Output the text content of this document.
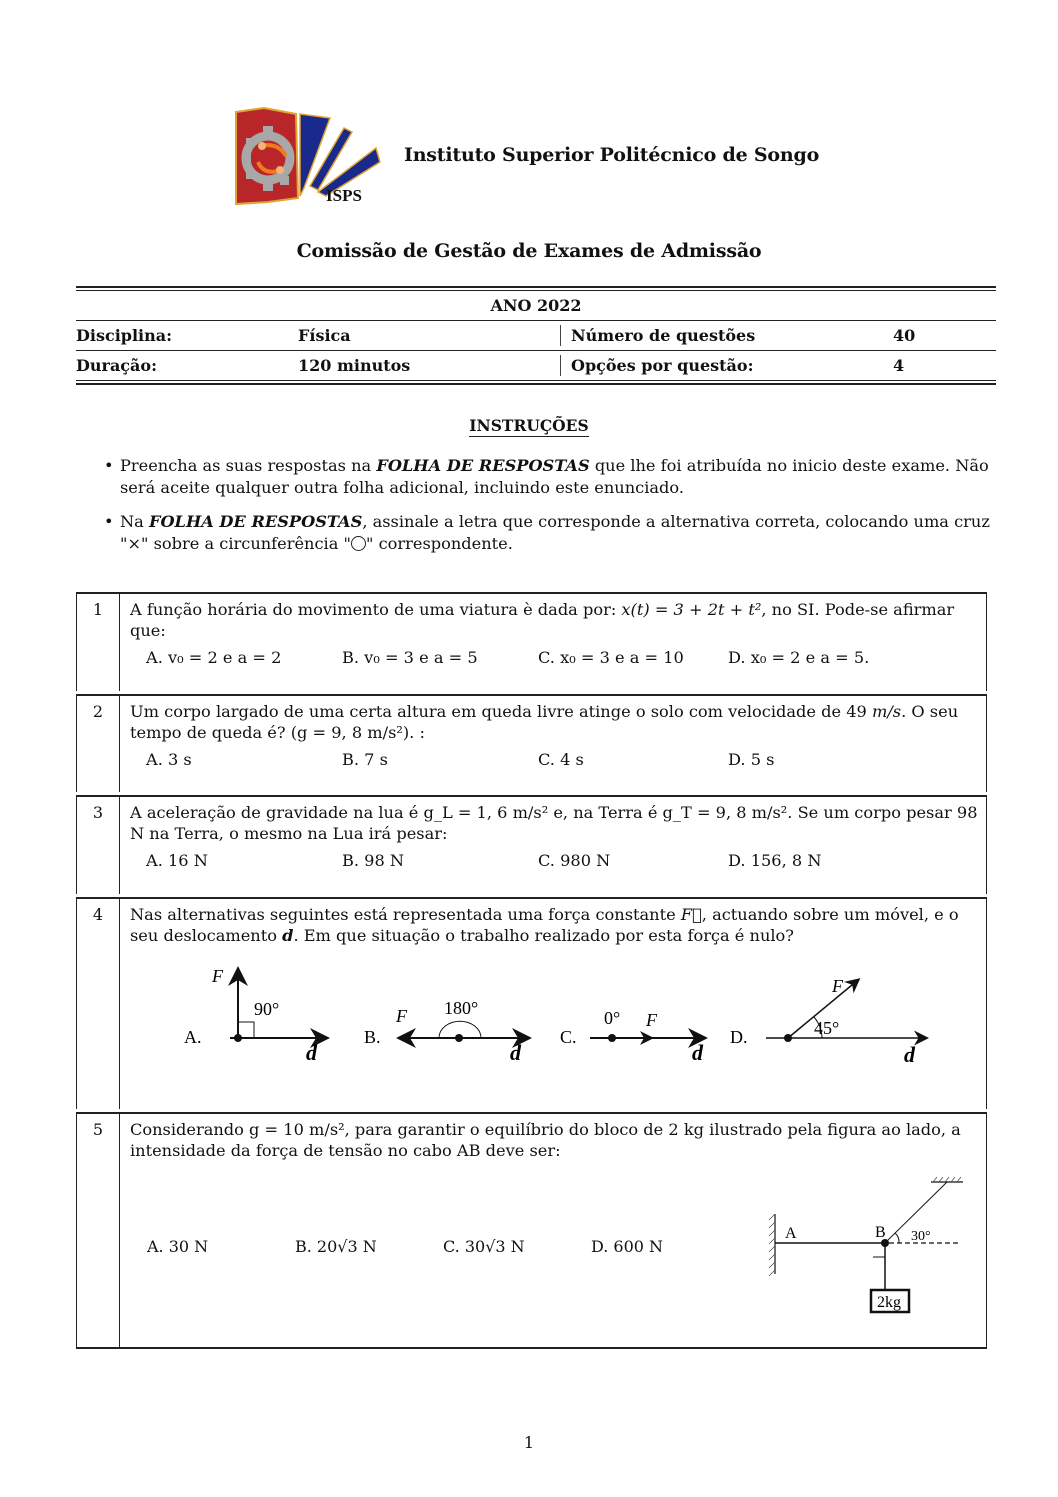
ISPS
Instituto Superior Politécnico de Songo
Comissão de Gestão de Exames de Admissão
ANO 2022
Disciplina:	Física	Número de questões	40
Duração:	120 minutos	Opções por questão:	4
INSTRUÇÕES
• Preencha as suas respostas na FOLHA DE RESPOSTAS que lhe foi atribuída no inicio deste exame. Não será aceite qualquer outra folha adicional, incluindo este enunciado.
• Na FOLHA DE RESPOSTAS, assinale a letra que corresponde a alternativa correta, colocando uma cruz "×" sobre a circunferência " " correspondente.
1	A função horária do movimento de uma viatura è dada por: x(t) = 3 + 2t + t², no SI. Pode-se afirmar que:
A. v₀ = 2 e a = 2	B. v₀ = 3 e a = 5	C. x₀ = 3 e a = 10	D. x₀ = 2 e a = 5.
2	Um corpo largado de uma certa altura em queda livre atinge o solo com velocidade de 49 m/s. O seu tempo de queda é? (g = 9, 8 m/s²). :
A. 3 s	B. 7 s	C. 4 s	D. 5 s
3	A aceleração de gravidade na lua é g_L = 1, 6 m/s² e, na Terra é g_T = 9, 8 m/s². Se um corpo pesar 98 N na Terra, o mesmo na Lua irá pesar:
A. 16 N	B. 98 N	C. 980 N	D. 156, 8 N
4	Nas alternativas seguintes está representada uma força constante F⃗, actuando sobre um móvel, e o seu deslocamento d. Em que situação o trabalho realizado por esta força é nulo?
A.
F⃗
90°
d
B.
F⃗ 180°
d
C.
0° F⃗
d
D.
F⃗
45°
d
5	Considerando g = 10 m/s², para garantir o equilíbrio do bloco de 2 kg ilustrado pela figura ao lado, a intensidade da força de tensão no cabo AB deve ser:
A. 30 N	B. 20√3 N	C. 30√3 N	D. 600 N
A	B 30°
2kg
1
